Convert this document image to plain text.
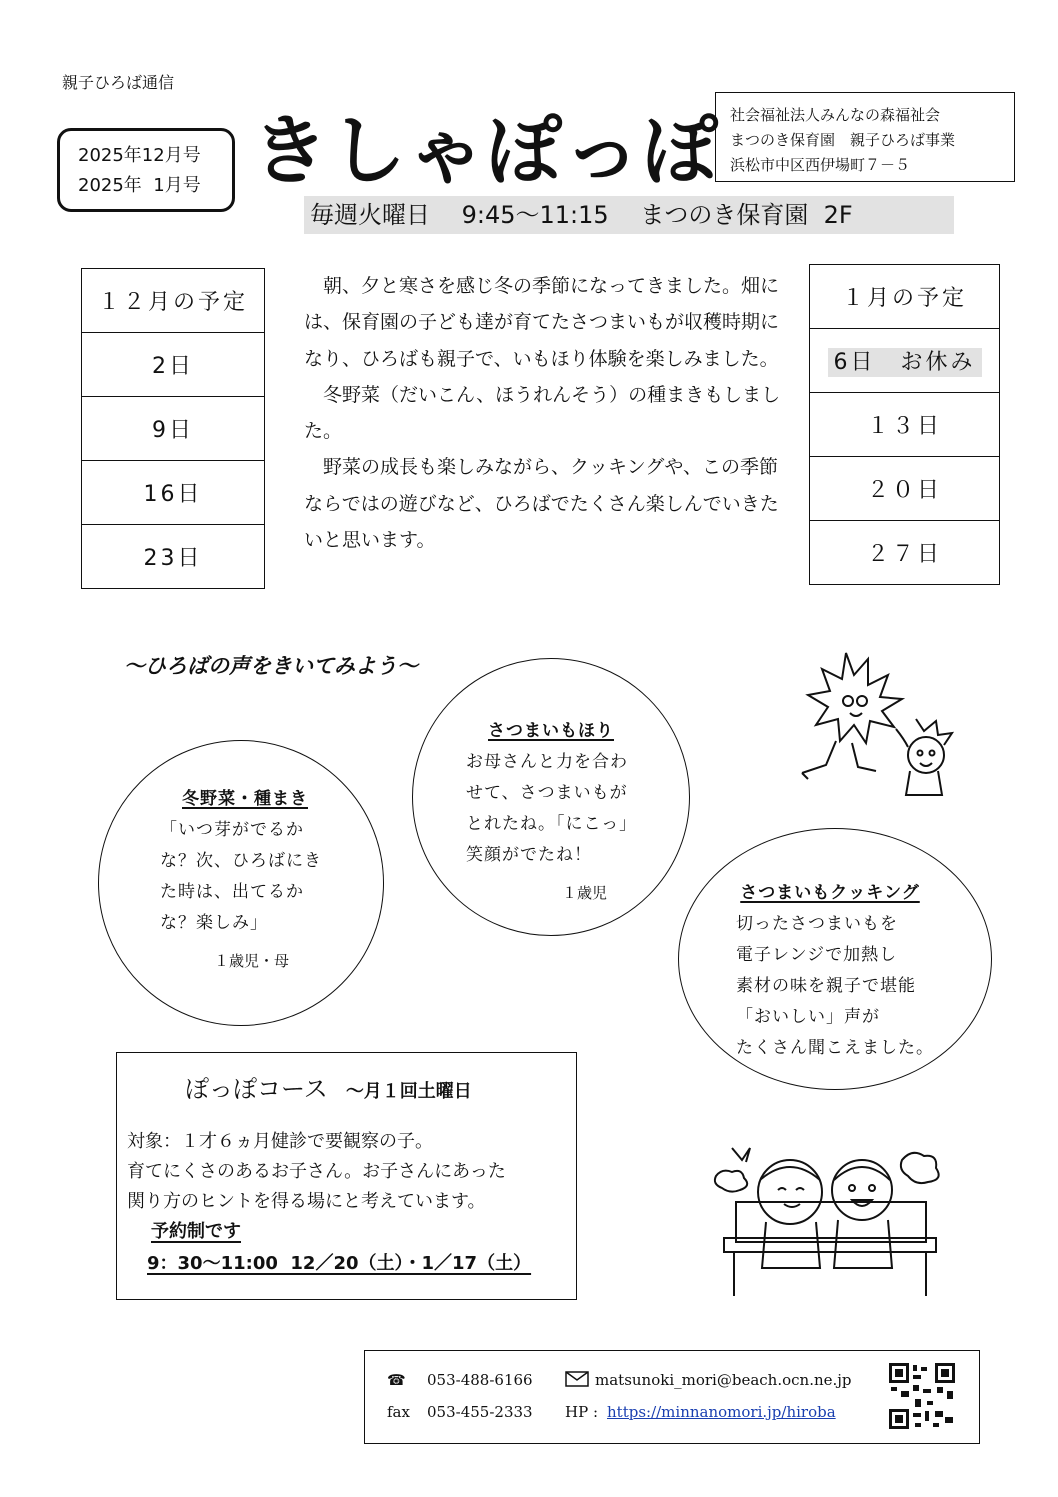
親子ひろば通信
2025年12月号
2025年  1月号 きしゃぽっぽ 社会福祉法人みんなの森福祉会
まつのき保育園　親子ひろば事業
浜松市中区西伊場町７－５
毎週火曜日　 9:45～11:15　 まつのき保育園  2F
１２月の予定
2日
9日
16日
23日

朝、夕と寒さを感じ冬の季節になってきました。畑には、保育園の子ども達が育てたさつまいもが収穫時期になり、ひろばも親子で、いもほり体験を楽しみました。

冬野菜（だいこん、ほうれんそう）の種まきもしました。

野菜の成長も楽しみながら、クッキングや、この季節ならではの遊びなど、ひろばでたくさん楽しんでいきたいと思います。

１月の予定
6日　お休み
１３日
２０日
２７日
～ひろばの声をきいてみよう～
冬野菜・種まき
「いつ芽がでるか
な？次、ひろばにき
た時は、出てるか
な？楽しみ」
１歳児・母
さつまいもほり
お母さんと力を合わ
せて、さつまいもが
とれたね。「にこっ」
笑顔がでたね！
１歳児	さつまいもクッキング
切ったさつまいもを
電子レンジで加熱し
素材の味を親子で堪能
「おいしい」声が
たくさん聞こえました。
ぽっぽコース ～月１回土曜日
対象：１才６ヵ月健診で要観察の子。
育てにくさのあるお子さん。お子さんにあった
関り方のヒントを得る場にと考えています。
予約制です
9：30～11:00  12／20（土）・1／17（土）
☎ 053-488-6166
fax 053-455-2333
matsunoki_mori@beach.ocn.ne.jp
HP : https://minnanomori.jp/hiroba
